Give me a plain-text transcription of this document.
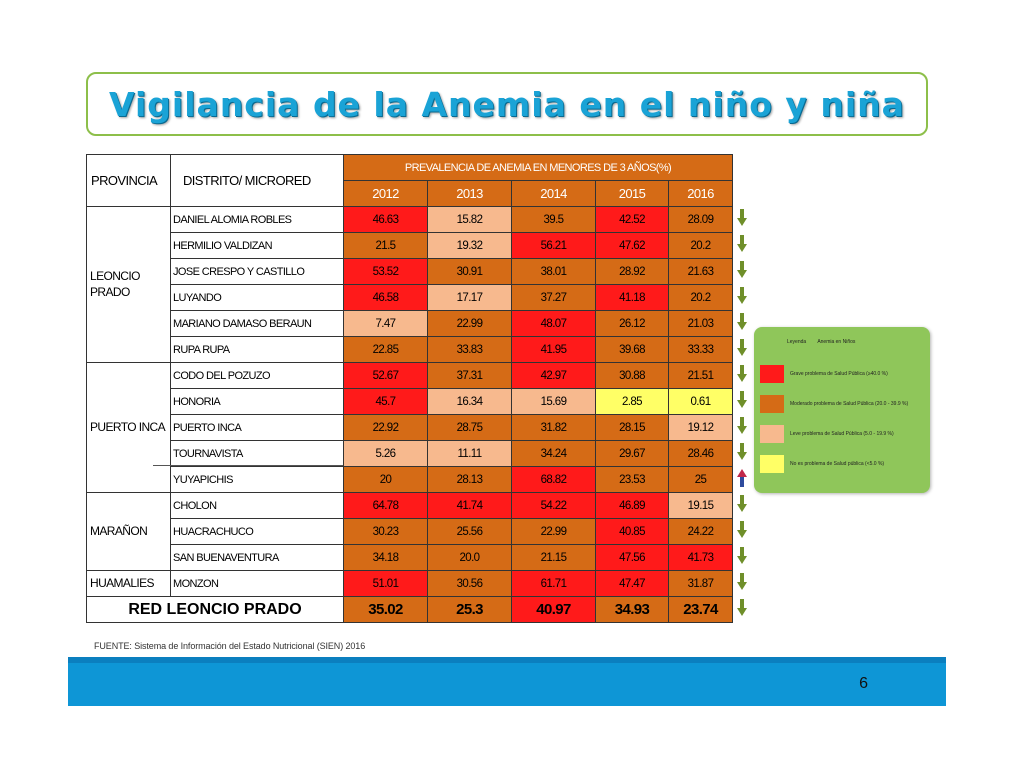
Vigilancia de la Anemia en el niño y niña
PROVINCIA	DISTRITO/ MICRORED	PREVALENCIA DE ANEMIA EN MENORES DE 3 AÑOS(%)					
		2012	2013	2014	2015	2016	
LEONCIO PRADO	DANIEL ALOMIA ROBLES	46.63	15.82	39.5	42.52	28.09	

	HERMILIO VALDIZAN	21.5	19.32	56.21	47.62	20.2	

	JOSE CRESPO Y CASTILLO	53.52	30.91	38.01	28.92	21.63	

	LUYANDO	46.58	17.17	37.27	41.18	20.2	

	MARIANO DAMASO BERAUN	7.47	22.99	48.07	26.12	21.03	

	RUPA RUPA	22.85	33.83	41.95	39.68	33.33	

PUERTO INCA	CODO DEL POZUZO	52.67	37.31	42.97	30.88	21.51	

	HONORIA	45.7	16.34	15.69	2.85	0.61	

	PUERTO INCA	22.92	28.75	31.82	28.15	19.12	

	TOURNAVISTA	5.26	11.11	34.24	29.67	28.46	

	YUYAPICHIS	20	28.13	68.82	23.53	25	

MARAÑON	CHOLON	64.78	41.74	54.22	46.89	19.15	

	HUACRACHUCO	30.23	25.56	22.99	40.85	24.22	

	SAN BUENAVENTURA	34.18	20.0	21.15	47.56	41.73	

HUAMALIES	MONZON	51.01	30.56	61.71	47.47	31.87	

RED LEONCIO PRADO		35.02	25.3	40.97	34.93	23.74	
FUENTE: Sistema de Información del Estado Nutricional (SIEN) 2016
Leyenda Anemia en Niños
Grave problema de Salud Pública (≥40.0 %)
Moderado problema de Salud Pública (20.0 - 39.9 %)
Leve problema de Salud Pública (5.0 - 19.9 %)
No es problema de Salud pública (<5.0 %)
6
